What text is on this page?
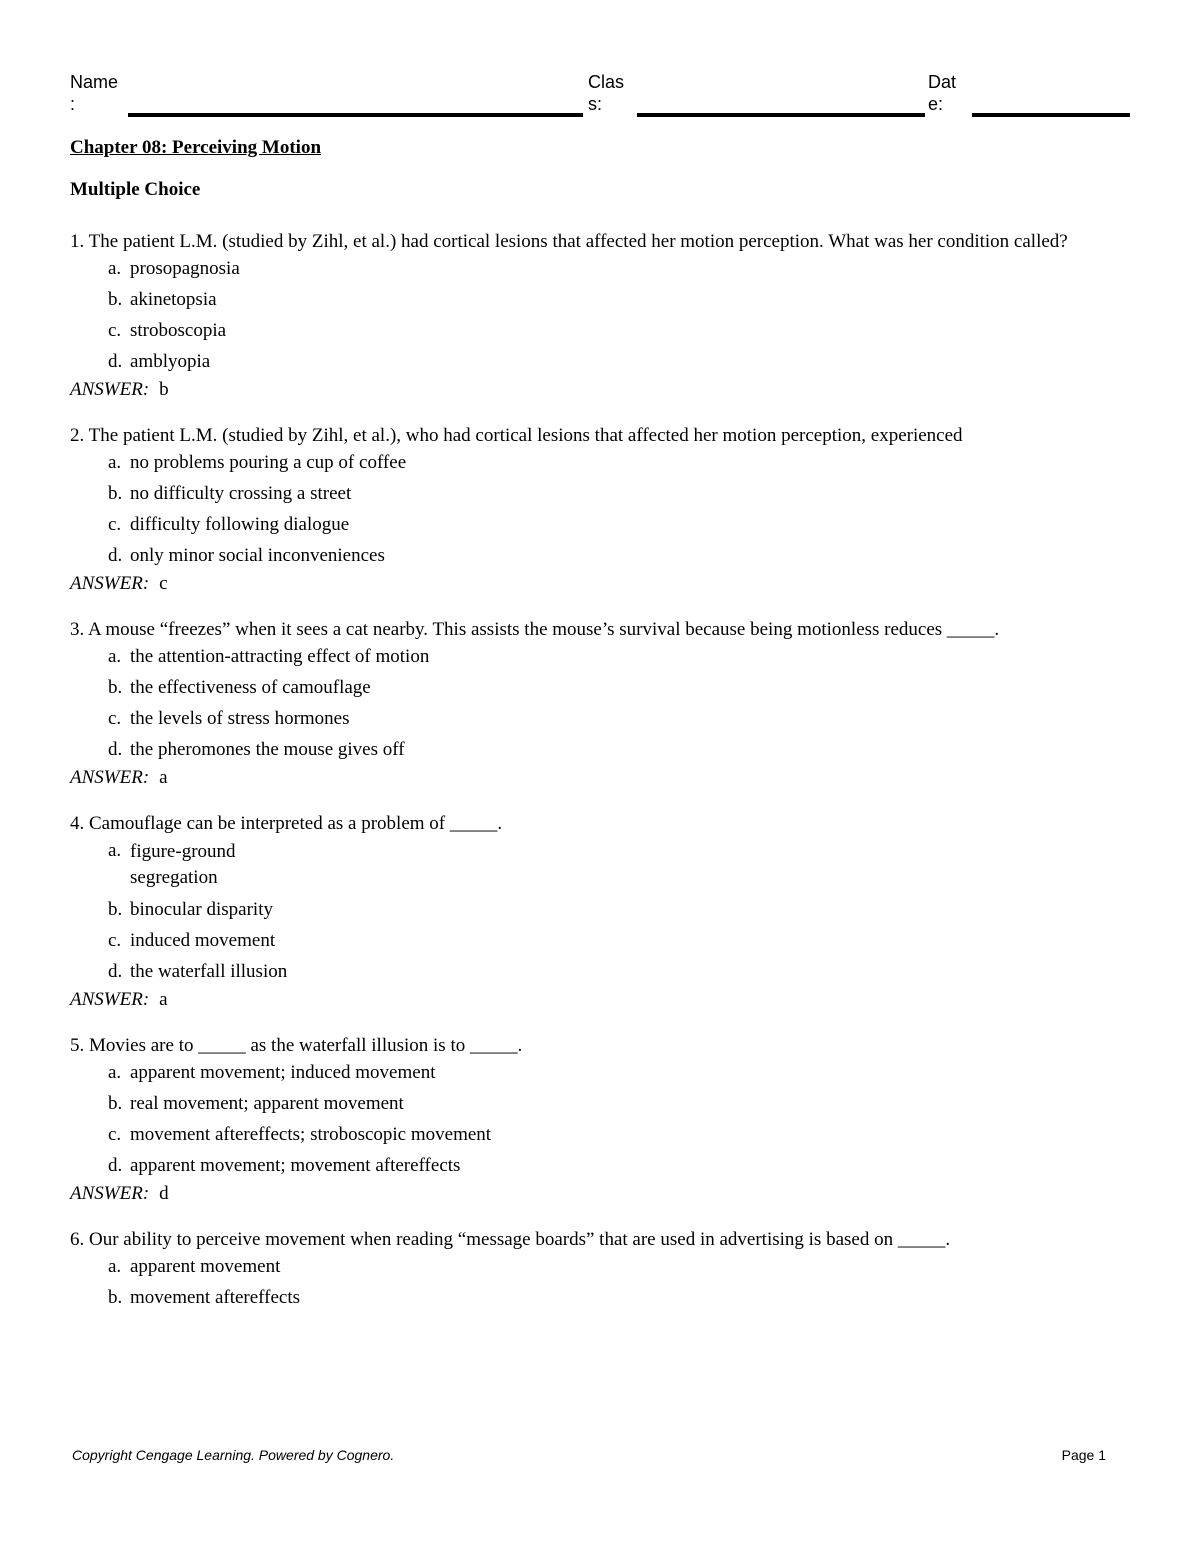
Name
:
Clas
s:
Dat
e:
Chapter 08: Perceiving Motion
Multiple Choice
1. The patient L.M. (studied by Zihl, et al.) had cortical lesions that affected her motion perception. What was her condition called?
a. prosopagnosia
b. akinetopsia
c. stroboscopia
d. amblyopia
ANSWER: b
2. The patient L.M. (studied by Zihl, et al.), who had cortical lesions that affected her motion perception, experienced
a. no problems pouring a cup of coffee
b. no difficulty crossing a street
c. difficulty following dialogue
d. only minor social inconveniences
ANSWER: c
3. A mouse “freezes” when it sees a cat nearby. This assists the mouse’s survival because being motionless reduces _____.
a. the attention-attracting effect of motion
b. the effectiveness of camouflage
c. the levels of stress hormones
d. the pheromones the mouse gives off
ANSWER: a
4. Camouflage can be interpreted as a problem of _____.
a. figure-ground segregation
b. binocular disparity
c. induced movement
d. the waterfall illusion
ANSWER: a
5. Movies are to _____ as the waterfall illusion is to _____.
a. apparent movement; induced movement
b. real movement; apparent movement
c. movement aftereffects; stroboscopic movement
d. apparent movement; movement aftereffects
ANSWER: d
6. Our ability to perceive movement when reading “message boards” that are used in advertising is based on _____.
a. apparent movement
b. movement aftereffects
Copyright Cengage Learning. Powered by Cognero.	Page 1
